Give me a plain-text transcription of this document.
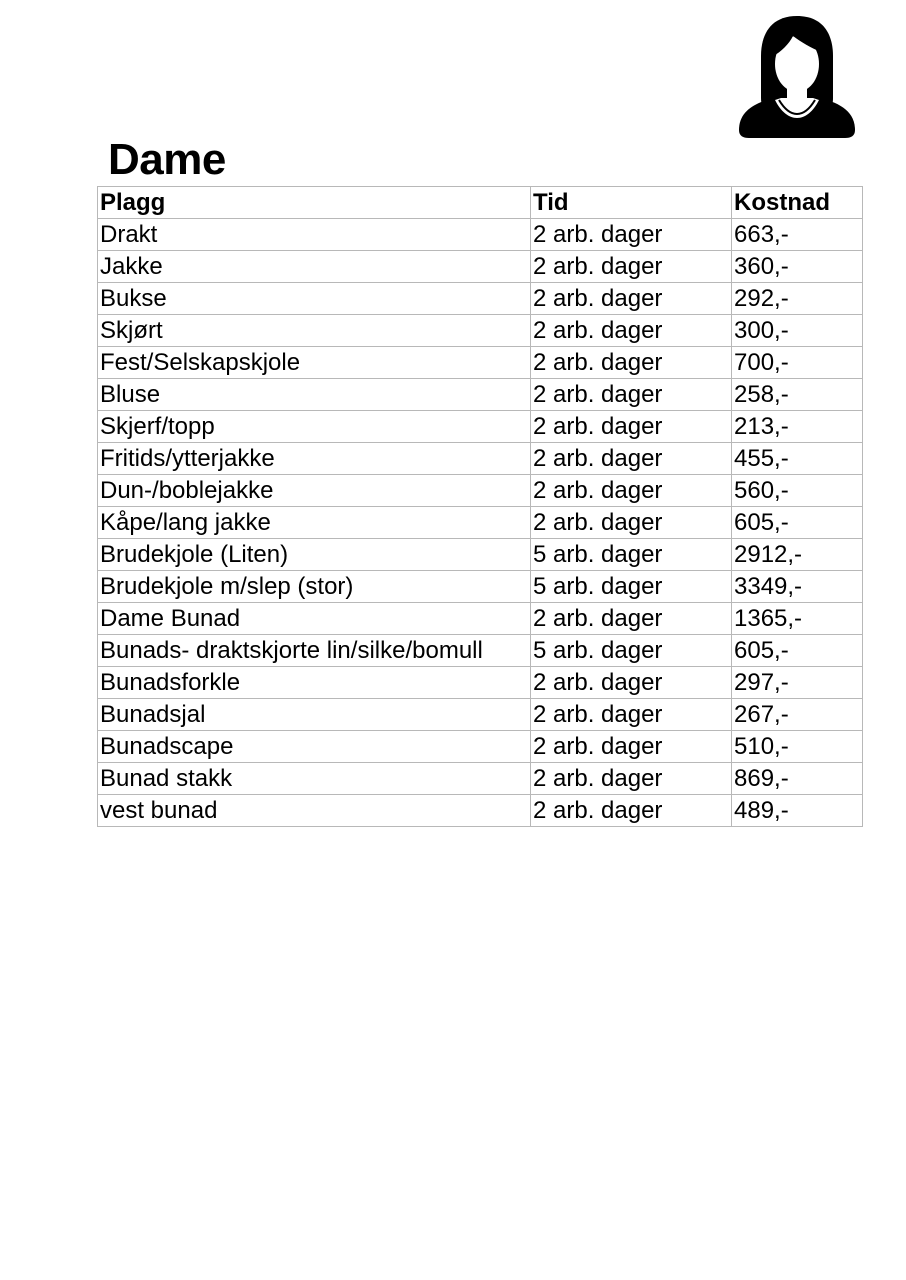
Dame
Plagg	Tid	Kostnad
Drakt	2 arb. dager	663,-
Jakke	2 arb. dager	360,-
Bukse	2 arb. dager	292,-
Skjørt	2 arb. dager	300,-
Fest/Selskapskjole	2 arb. dager	700,-
Bluse	2 arb. dager	258,-
Skjerf/topp	2 arb. dager	213,-
Fritids/ytterjakke	2 arb. dager	455,-
Dun-/boblejakke	2 arb. dager	560,-
Kåpe/lang jakke	2 arb. dager	605,-
Brudekjole (Liten)	5 arb. dager	2912,-
Brudekjole m/slep (stor)	5 arb. dager	3349,-
Dame Bunad	2 arb. dager	1365,-
Bunads- draktskjorte lin/silke/bomull	5 arb. dager	605,-
Bunadsforkle	2 arb. dager	297,-
Bunadsjal	2 arb. dager	267,-
Bunadscape	2 arb. dager	510,-
Bunad stakk	2 arb. dager	869,-
vest bunad	2 arb. dager	489,-
